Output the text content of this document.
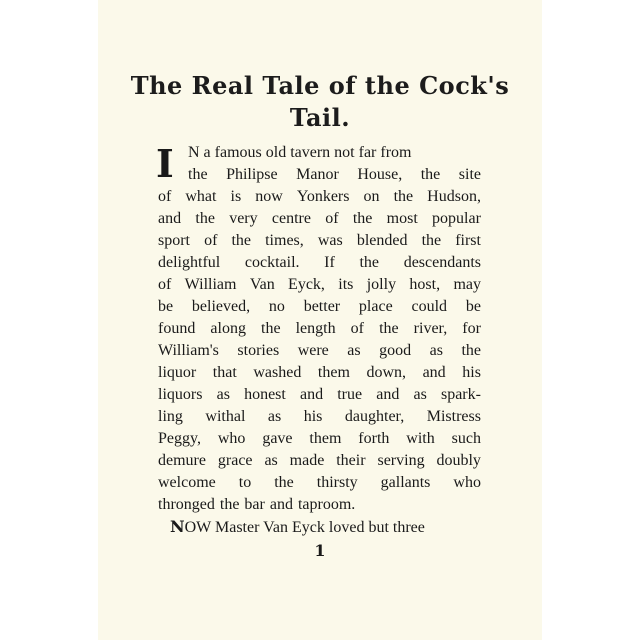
The Real Tale of the Cock's
Tail.
I N a famous old tavern not far from
the Philipse Manor House, the site
of what is now Yonkers on the Hudson,
and the very centre of the most popular
sport of the times, was blended the first
delightful cocktail. If the descendants
of William Van Eyck, its jolly host, may
be believed, no better place could be
found along the length of the river, for
William's stories were as good as the
liquor that washed them down, and his
liquors as honest and true and as spark-
ling withal as his daughter, Mistress
Peggy, who gave them forth with such
demure grace as made their serving doubly
welcome to the thirsty gallants who
thronged the bar and taproom.
NOW Master Van Eyck loved but three
1
